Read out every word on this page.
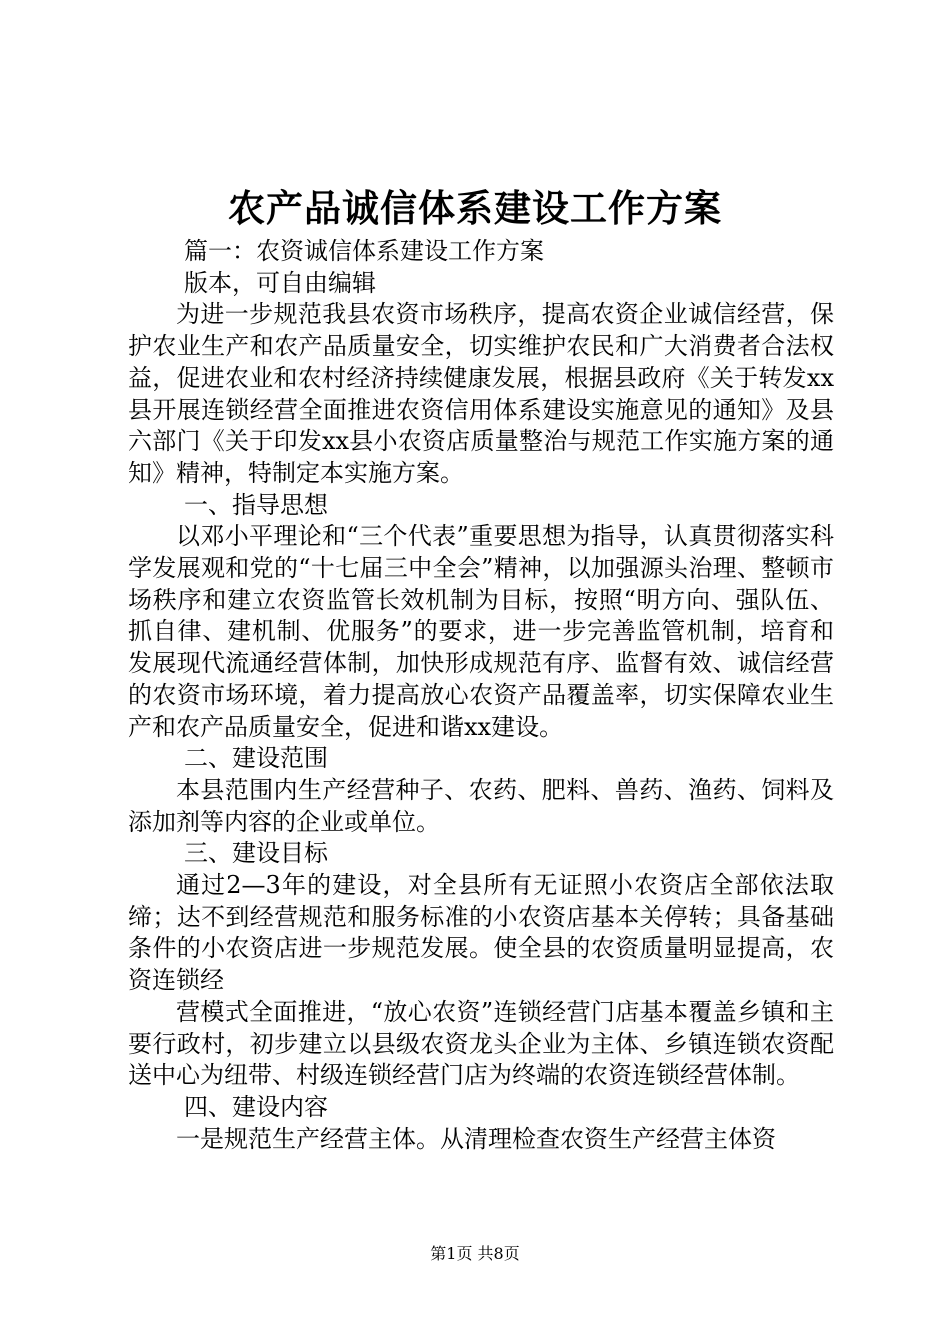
农产品诚信体系建设工作方案

篇一：农资诚信体系建设工作方案

版本，可自由编辑

为进一步规范我县农资市场秩序，提高农资企业诚信经营，保护农业生产和农产品质量安全，切实维护农民和广大消费者合法权益，促进农业和农村经济持续健康发展，根据县政府《关于转发xx县开展连锁经营全面推进农资信用体系建设实施意见的通知》及县六部门《关于印发xx县小农资店质量整治与规范工作实施方案的通知》精神，特制定本实施方案。

一、指导思想

以邓小平理论和“三个代表”重要思想为指导，认真贯彻落实科学发展观和党的“十七届三中全会”精神，以加强源头治理、整顿市场秩序和建立农资监管长效机制为目标，按照“明方向、强队伍、抓自律、建机制、优服务”的要求，进一步完善监管机制，培育和发展现代流通经营体制，加快形成规范有序、监督有效、诚信经营的农资市场环境，着力提高放心农资产品覆盖率，切实保障农业生产和农产品质量安全，促进和谐xx建设。

二、建设范围

本县范围内生产经营种子、农药、肥料、兽药、渔药、饲料及添加剂等内容的企业或单位。

三、建设目标

通过2—3年的建设，对全县所有无证照小农资店全部依法取缔；达不到经营规范和服务标准的小农资店基本关停转；具备基础条件的小农资店进一步规范发展。使全县的农资质量明显提高，农资连锁经

营模式全面推进，“放心农资”连锁经营门店基本覆盖乡镇和主要行政村，初步建立以县级农资龙头企业为主体、乡镇连锁农资配送中心为纽带、村级连锁经营门店为终端的农资连锁经营体制。

四、建设内容

一是规范生产经营主体。从清理检查农资生产经营主体资

第1页 共8页
